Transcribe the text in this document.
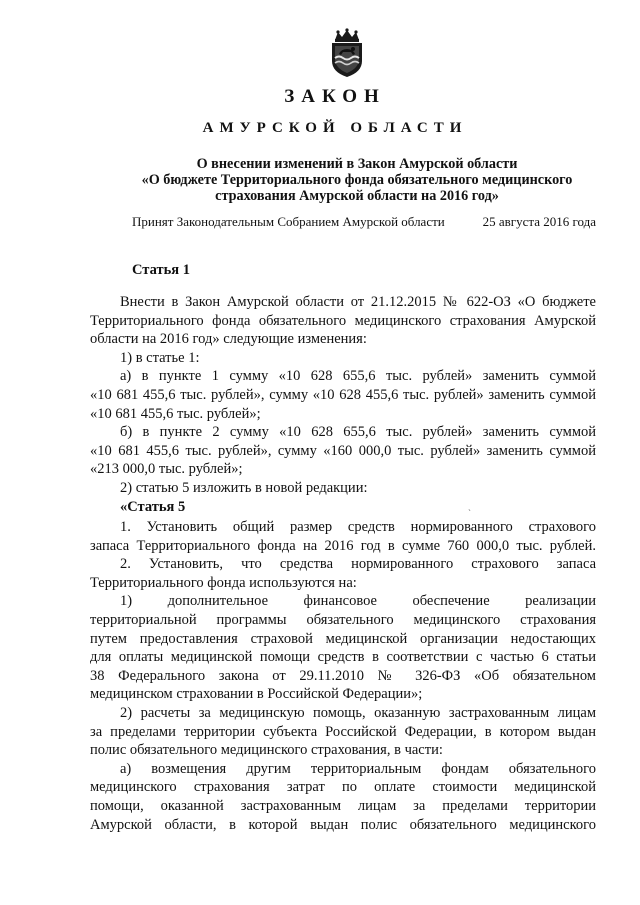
ЗАКОН
АМУРСКОЙ ОБЛАСТИ
О внесении изменений в Закон Амурской области
«О бюджете Территориального фонда обязательного медицинского
страхования Амурской области на 2016 год»
Принят Законодательным Собранием Амурской области	25 августа 2016 года
Статья 1
Внести в Закон Амурской области от 21.12.2015 № 622-ОЗ «О бюджете
Территориального фонда обязательного медицинского страхования Амурской
области на 2016 год» следующие изменения:
1) в статье 1:
а) в пункте 1 сумму «10 628 655,6 тыс. рублей» заменить суммой
«10 681 455,6 тыс. рублей», сумму «10 628 455,6 тыс. рублей» заменить суммой
«10 681 455,6 тыс. рублей»;
б) в пункте 2 сумму «10 628 655,6 тыс. рублей» заменить суммой
«10 681 455,6 тыс. рублей», сумму «160 000,0 тыс. рублей» заменить суммой
«213 000,0 тыс. рублей»;
2) статью 5 изложить в новой редакции:
«Статья 5	`
1. Установить общий размер средств нормированного страхового
запаса Территориального фонда на 2016 год в сумме 760 000,0 тыс. рублей.
2. Установить, что средства нормированного страхового запаса
Территориального фонда используются на:
1) дополнительное финансовое обеспечение реализации
территориальной программы обязательного медицинского страхования
путем предоставления страховой медицинской организации недостающих
для оплаты медицинской помощи средств в соответствии с частью 6 статьи
38 Федерального закона от 29.11.2010 № 326-ФЗ «Об обязательном
медицинском страховании в Российской Федерации»;
2) расчеты за медицинскую помощь, оказанную застрахованным лицам
за пределами территории субъекта Российской Федерации, в котором выдан
полис обязательного медицинского страхования, в части:
а) возмещения другим территориальным фондам обязательного
медицинского страхования затрат по оплате стоимости медицинской
помощи, оказанной застрахованным лицам за пределами территории
Амурской области, в которой выдан полис обязательного медицинского
